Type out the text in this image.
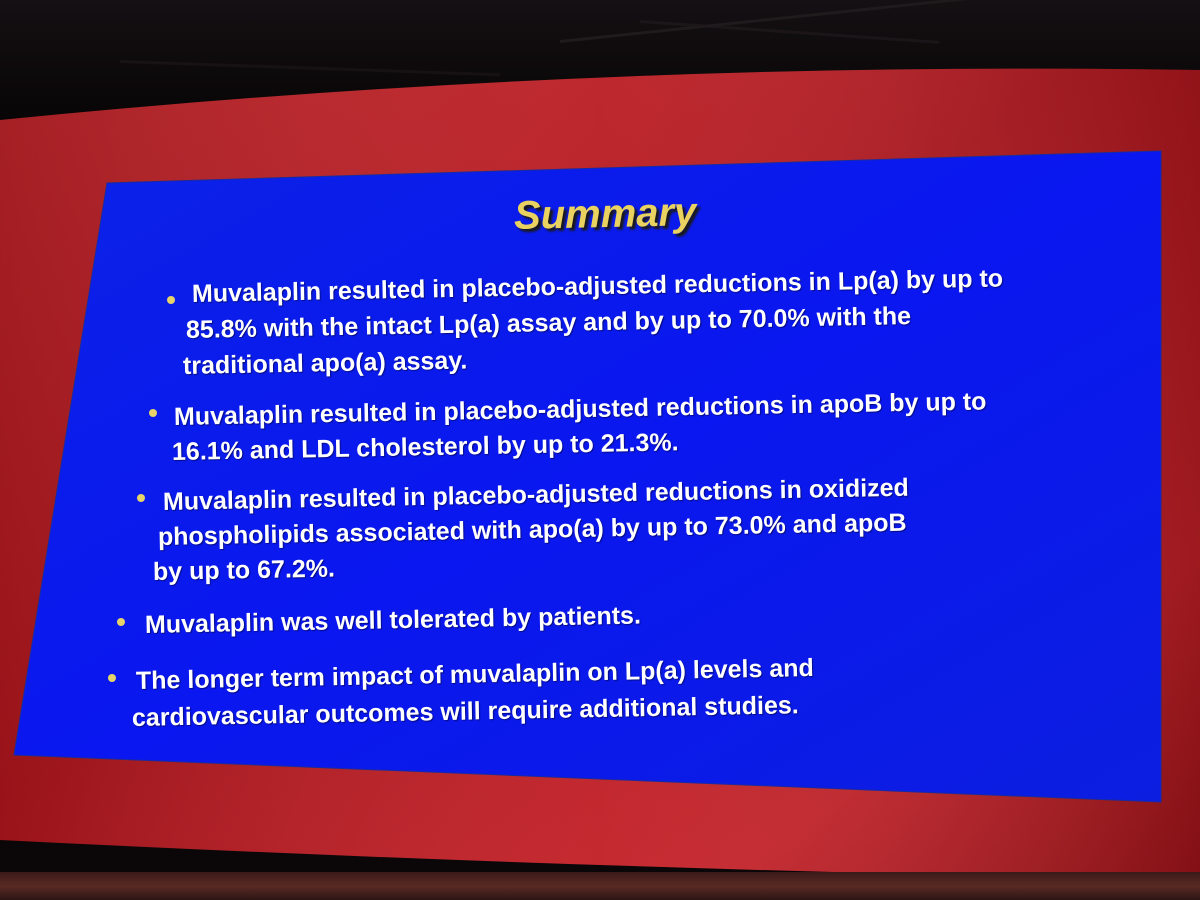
Summary
Muvalaplin resulted in placebo-adjusted reductions in Lp(a) by up to
85.8% with the intact Lp(a) assay and by up to 70.0% with the
traditional apo(a) assay.
Muvalaplin resulted in placebo-adjusted reductions in apoB by up to
16.1% and LDL cholesterol by up to 21.3%.
Muvalaplin resulted in placebo-adjusted reductions in oxidized
phospholipids associated with apo(a) by up to 73.0% and apoB
by up to 67.2%.
Muvalaplin was well tolerated by patients.
The longer term impact of muvalaplin on Lp(a) levels and
cardiovascular outcomes will require additional studies.
